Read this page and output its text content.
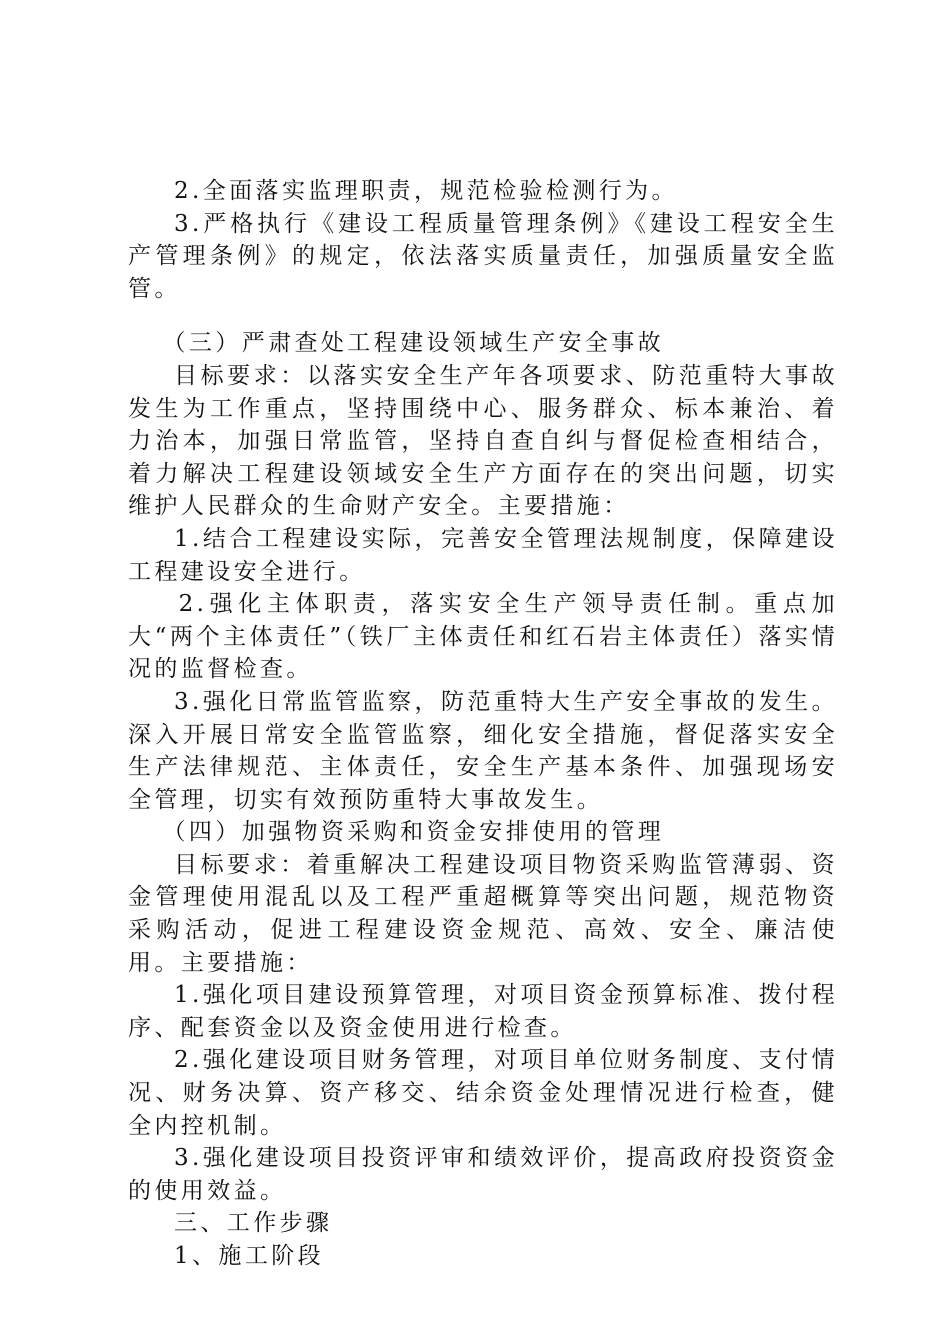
2.全面落实监理职责，规范检验检测行为。

3.严格执行《建设工程质量管理条例》《建设工程安全生产管理条例》的规定，依法落实质量责任，加强质量安全监管。

（三）严肃查处工程建设领域生产安全事故

目标要求：以落实安全生产年各项要求、防范重特大事故发生为工作重点，坚持围绕中心、服务群众、标本兼治、着力治本，加强日常监管，坚持自查自纠与督促检查相结合，着力解决工程建设领域安全生产方面存在的突出问题，切实维护人民群众的生命财产安全。主要措施：

1.结合工程建设实际，完善安全管理法规制度，保障建设工程建设安全进行。

2.强化主体职责，落实安全生产领导责任制。重点加大“两个主体责任”（铁厂主体责任和红石岩主体责任）落实情况的监督检查。

3.强化日常监管监察，防范重特大生产安全事故的发生。深入开展日常安全监管监察，细化安全措施，督促落实安全生产法律规范、主体责任，安全生产基本条件、加强现场安全管理，切实有效预防重特大事故发生。

（四）加强物资采购和资金安排使用的管理

目标要求：着重解决工程建设项目物资采购监管薄弱、资金管理使用混乱以及工程严重超概算等突出问题，规范物资采购活动，促进工程建设资金规范、高效、安全、廉洁使用。主要措施：

1.强化项目建设预算管理，对项目资金预算标准、拨付程序、配套资金以及资金使用进行检查。

2.强化建设项目财务管理，对项目单位财务制度、支付情况、财务决算、资产移交、结余资金处理情况进行检查，健全内控机制。

3.强化建设项目投资评审和绩效评价，提高政府投资资金的使用效益。

三、工作步骤

1、施工阶段
